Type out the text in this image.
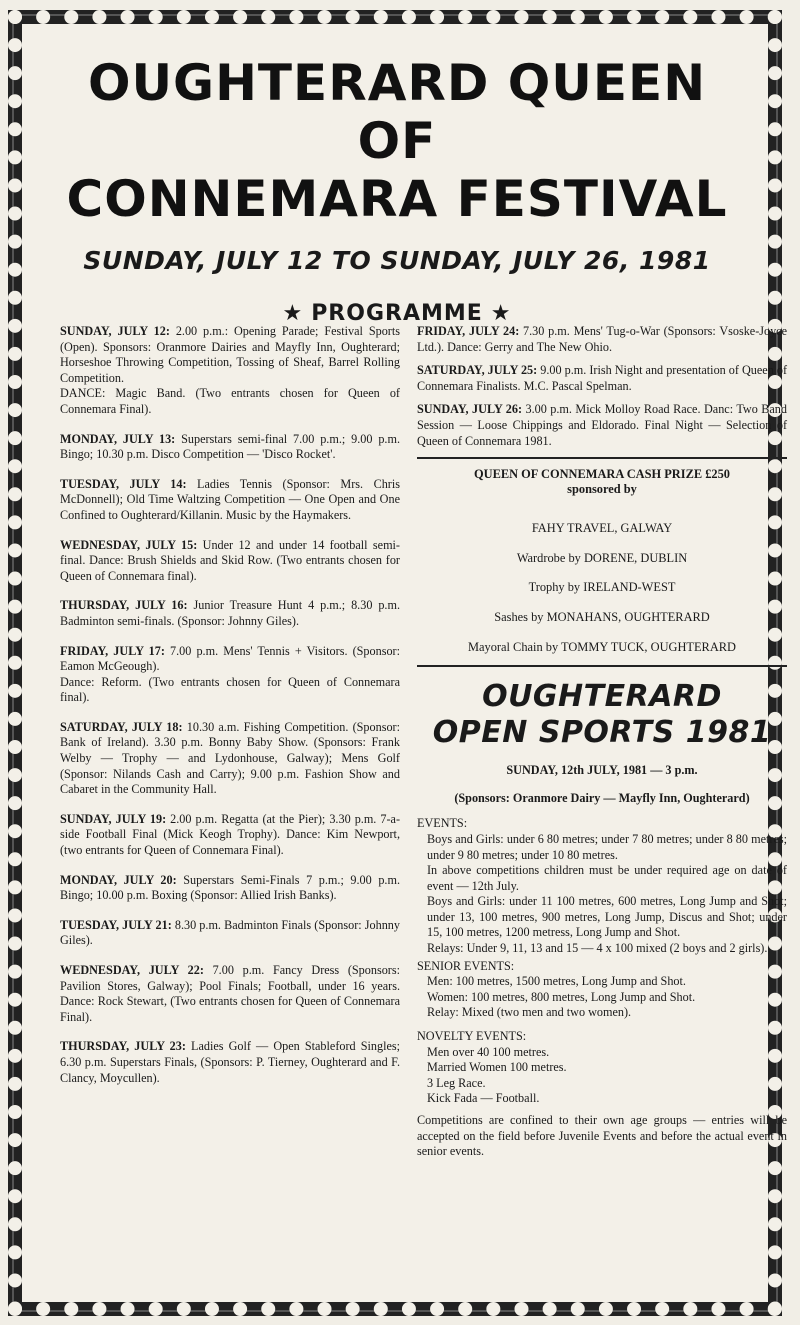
OUGHTERARD QUEEN OF
CONNEMARA FESTIVAL
SUNDAY, JULY 12 TO SUNDAY, JULY 26, 1981
★ PROGRAMME ★
SUNDAY, JULY 12: 2.00 p.m.: Opening Parade; Festival Sports (Open). Sponsors: Oranmore Dairies and Mayfly Inn, Oughterard; Horseshoe Throwing Competition, Tossing of Sheaf, Barrel Rolling Competition.
DANCE: Magic Band. (Two entrants chosen for Queen of Connemara Final).
MONDAY, JULY 13: Superstars semi-final 7.00 p.m.; 9.00 p.m. Bingo; 10.30 p.m. Disco Competition — 'Disco Rocket'.
TUESDAY, JULY 14: Ladies Tennis (Sponsor: Mrs. Chris McDonnell); Old Time Waltzing Competition — One Open and One Confined to Oughterard/Killanin. Music by the Haymakers.
WEDNESDAY, JULY 15: Under 12 and under 14 football semi-final. Dance: Brush Shields and Skid Row. (Two entrants chosen for Queen of Connemara final).
THURSDAY, JULY 16: Junior Treasure Hunt 4 p.m.; 8.30 p.m. Badminton semi-finals. (Sponsor: Johnny Giles).
FRIDAY, JULY 17: 7.00 p.m. Mens' Tennis + Visitors. (Sponsor: Eamon McGeough).
Dance: Reform. (Two entrants chosen for Queen of Connemara final).
SATURDAY, JULY 18: 10.30 a.m. Fishing Competition. (Sponsor: Bank of Ireland). 3.30 p.m. Bonny Baby Show. (Sponsors: Frank Welby — Trophy — and Lydonhouse, Galway); Mens Golf (Sponsor: Nilands Cash and Carry); 9.00 p.m. Fashion Show and Cabaret in the Community Hall.
SUNDAY, JULY 19: 2.00 p.m. Regatta (at the Pier); 3.30 p.m. 7-a-side Football Final (Mick Keogh Trophy). Dance: Kim Newport, (two entrants for Queen of Connemara Final).
MONDAY, JULY 20: Superstars Semi-Finals 7 p.m.; 9.00 p.m. Bingo; 10.00 p.m. Boxing (Sponsor: Allied Irish Banks).
TUESDAY, JULY 21: 8.30 p.m. Badminton Finals (Sponsor: Johnny Giles).
WEDNESDAY, JULY 22: 7.00 p.m. Fancy Dress (Sponsors: Pavilion Stores, Galway); Pool Finals; Football, under 16 years. Dance: Rock Stewart, (Two entrants chosen for Queen of Connemara Final).
THURSDAY, JULY 23: Ladies Golf — Open Stableford Singles; 6.30 p.m. Superstars Finals, (Sponsors: P. Tierney, Oughterard and F. Clancy, Moycullen).
FRIDAY, JULY 24: 7.30 p.m. Mens' Tug-o-War (Sponsors: Vsoske-Joyce Ltd.). Dance: Gerry and The New Ohio.
SATURDAY, JULY 25: 9.00 p.m. Irish Night and presentation of Queen of Connemara Finalists. M.C. Pascal Spelman.
SUNDAY, JULY 26: 3.00 p.m. Mick Molloy Road Race. Danc: Two Band Session — Loose Chippings and Eldorado. Final Night — Selection of Queen of Connemara 1981.
QUEEN OF CONNEMARA CASH PRIZE £250
sponsored by
FAHY TRAVEL, GALWAY
Wardrobe by DORENE, DUBLIN
Trophy by IRELAND-WEST
Sashes by MONAHANS, OUGHTERARD
Mayoral Chain by TOMMY TUCK, OUGHTERARD
OUGHTERARD
OPEN SPORTS 1981
SUNDAY, 12th JULY, 1981 — 3 p.m.
(Sponsors: Oranmore Dairy — Mayfly Inn, Oughterard)
EVENTS:
Boys and Girls: under 6 80 metres; under 7 80 metres; under 8 80 metres; under 9 80 metres; under 10 80 metres.
In above competitions children must be under required age on date of event — 12th July.
Boys and Girls: under 11 100 metres, 600 metres, Long Jump and Shot; under 13, 100 metres, 900 metres, Long Jump, Discus and Shot; under 15, 100 metres, 1200 metress, Long Jump and Shot.
Relays: Under 9, 11, 13 and 15 — 4 x 100 mixed (2 boys and 2 girls).
SENIOR EVENTS:
Men: 100 metres, 1500 metres, Long Jump and Shot.
Women: 100 metres, 800 metres, Long Jump and Shot.
Relay: Mixed (two men and two women).
NOVELTY EVENTS:
Men over 40 100 metres.
Married Women 100 metres.
3 Leg Race.
Kick Fada — Football.
Competitions are confined to their own age groups — entries will be accepted on the field before Juvenile Events and before the actual event in senior events.
